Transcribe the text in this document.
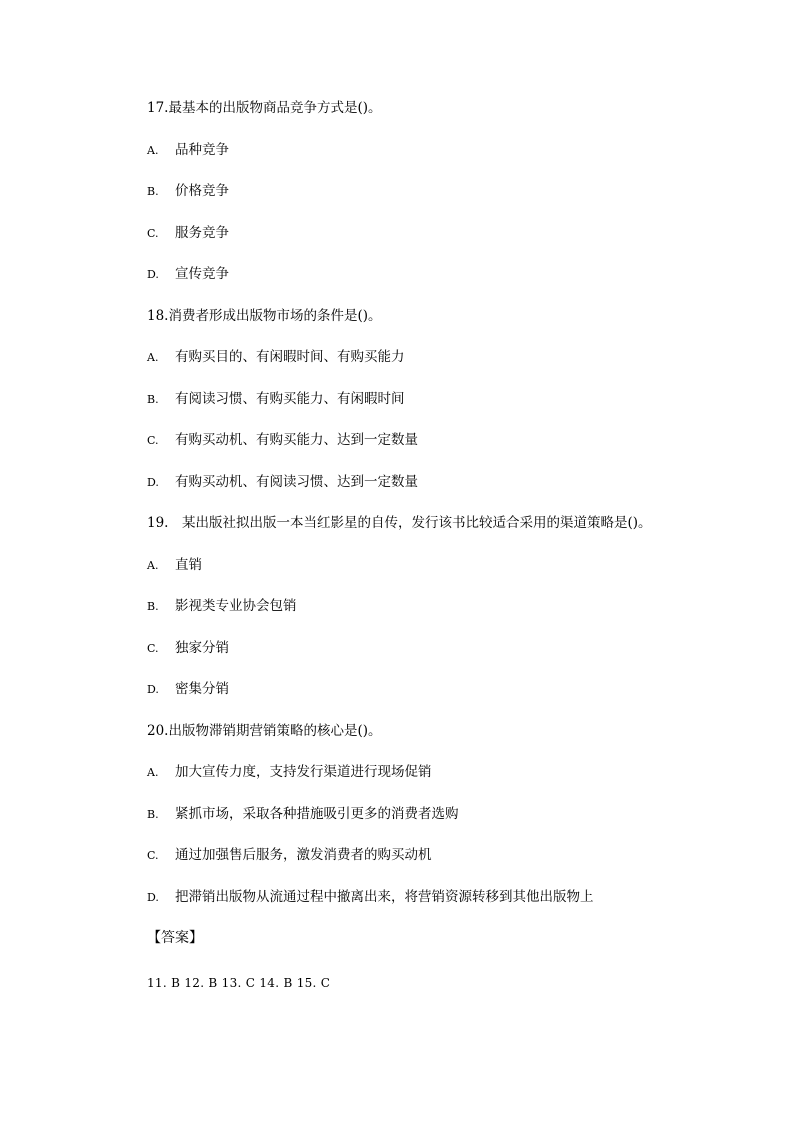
17.最基本的出版物商品竞争方式是()。
A. 品种竞争
B. 价格竞争
C. 服务竞争
D. 宣传竞争
18.消费者形成出版物市场的条件是()。
A. 有购买目的、有闲暇时间、有购买能力
B. 有阅读习惯、有购买能力、有闲暇时间
C. 有购买动机、有购买能力、达到一定数量
D. 有购买动机、有阅读习惯、达到一定数量
19.　某出版社拟出版一本当红影星的自传，发行该书比较适合采用的渠道策略是()。
A. 直销
B. 影视类专业协会包销
C. 独家分销
D. 密集分销
20.出版物滞销期营销策略的核心是()。
A. 加大宣传力度，支持发行渠道进行现场促销
B. 紧抓市场，采取各种措施吸引更多的消费者选购
C. 通过加强售后服务，激发消费者的购买动机
D. 把滞销出版物从流通过程中撤离出来，将营销资源转移到其他出版物上
【答案】
11. B 12. B 13. C 14. B 15. C
